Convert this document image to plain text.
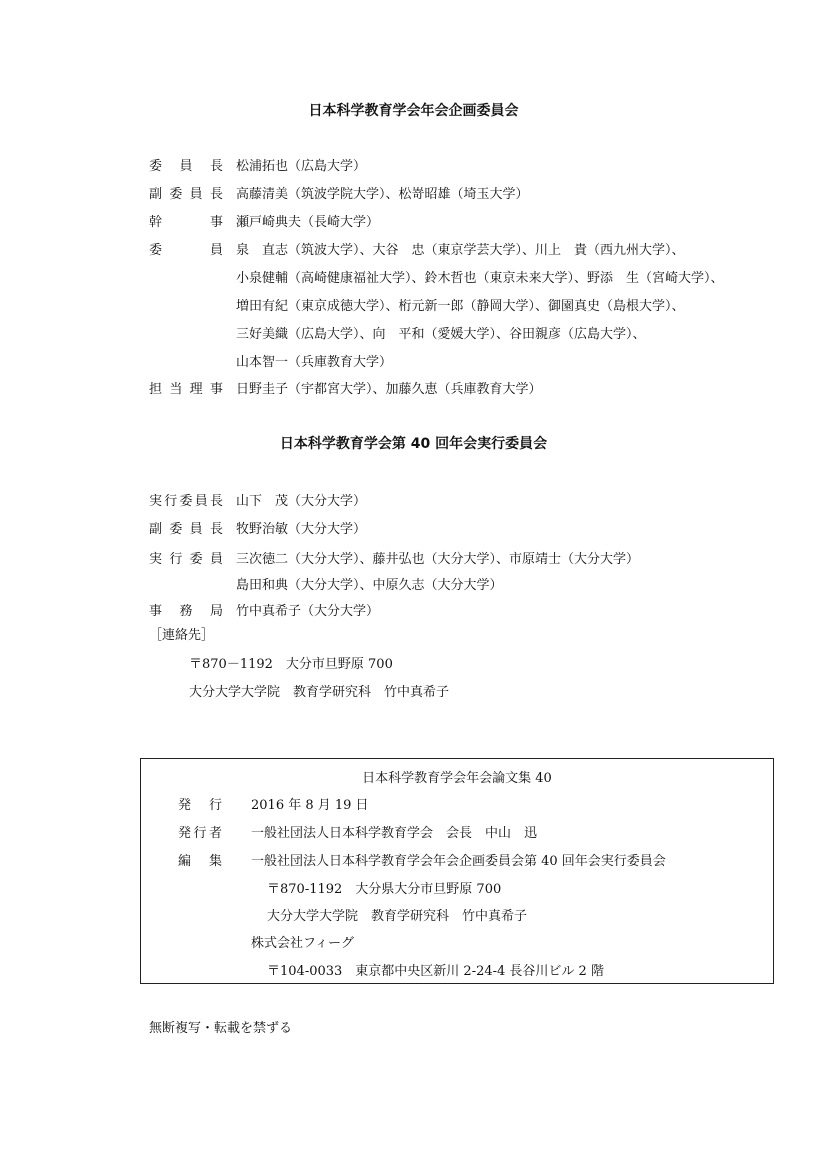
日本科学教育学会年会企画委員会
委員長 松浦拓也（広島大学）
副委員長 高藤清美（筑波学院大学）、松嵜昭雄（埼玉大学）
幹事 瀬戸崎典夫（長崎大学）
委員 泉　直志（筑波大学）、大谷　忠（東京学芸大学）、川上　貴（西九州大学）、
小泉健輔（高崎健康福祉大学）、鈴木哲也（東京未来大学）、野添　生（宮崎大学）、
増田有紀（東京成徳大学）、桁元新一郎（静岡大学）、御園真史（島根大学）、
三好美織（広島大学）、向　平和（愛媛大学）、谷田親彦（広島大学）、
山本智一（兵庫教育大学）
担当理事 日野圭子（宇都宮大学）、加藤久恵（兵庫教育大学）
日本科学教育学会第 40 回年会実行委員会
実行委員長 山下　茂（大分大学）
副委員長 牧野治敏（大分大学）
実行委員 三次徳二（大分大学）、藤井弘也（大分大学）、市原靖士（大分大学）
島田和典（大分大学）、中原久志（大分大学）
事務局 竹中真希子（大分大学）
［連絡先］
〒870－1192　大分市旦野原 700
大分大学大学院　教育学研究科　竹中真希子
日本科学教育学会年会論文集 40
発行 2016 年 8 月 19 日
発行者 一般社団法人日本科学教育学会　会長　中山　迅
編集 一般社団法人日本科学教育学会年会企画委員会第 40 回年会実行委員会
〒870-1192　大分県大分市旦野原 700
大分大学大学院　教育学研究科　竹中真希子
株式会社フィーグ
〒104-0033　東京都中央区新川 2-24-4 長谷川ビル 2 階
無断複写・転載を禁ずる
